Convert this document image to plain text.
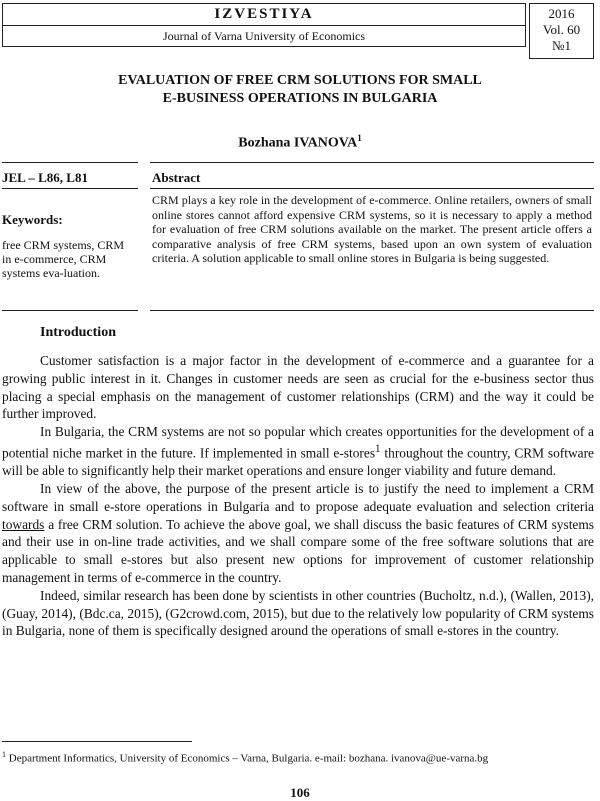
IZVESTIYA
Journal of Varna University of Economics
2016
Vol. 60
№1
EVALUATION OF FREE CRM SOLUTIONS FOR SMALL
E-BUSINESS OPERATIONS IN BULGARIA
Bozhana IVANOVA$^1$
JEL – L86, L81	Abstract
Keywords:
free CRM systems, CRM in e-commerce, CRM systems eva-luation.
CRM plays a key role in the development of e-commerce. Online retailers, owners of small online stores cannot afford expensive CRM systems, so it is necessary to apply a method for evaluation of free CRM solutions available on the market. The present article offers a comparative analysis of free CRM systems, based upon an own system of evaluation criteria. A solution applicable to small online stores in Bulgaria is being suggested.
Introduction

Customer satisfaction is a major factor in the development of e-commerce and a guarantee for a growing public interest in it. Changes in customer needs are seen as crucial for the e-business sector thus placing a special emphasis on the management of customer relationships (CRM) and the way it could be further improved.

In Bulgaria, the CRM systems are not so popular which creates opportunities for the development of a potential niche market in the future. If implemented in small e-stores$^1$ throughout the country, CRM software will be able to significantly help their market operations and ensure longer viability and future demand.

In view of the above, the purpose of the present article is to justify the need to implement a CRM software in small e-store operations in Bulgaria and to propose adequate evaluation and selection criteria towards a free CRM solution. To achieve the above goal, we shall discuss the basic features of CRM systems and their use in on-line trade activities, and we shall compare some of the free software solutions that are applicable to small e-stores but also present new options for improvement of customer relationship management in terms of e-commerce in the country.

Indeed, similar research has been done by scientists in other countries (Bucholtz, n.d.), (Wallen, 2013), (Guay, 2014), (Bdc.ca, 2015), (G2crowd.com, 2015), but due to the relatively low popularity of CRM systems in Bulgaria, none of them is specifically designed around the operations of small e-stores in the country.

$^1$ Department Informatics, University of Economics – Varna, Bulgaria. e-mail: bozhana. ivanova@ue-varna.bg
106
